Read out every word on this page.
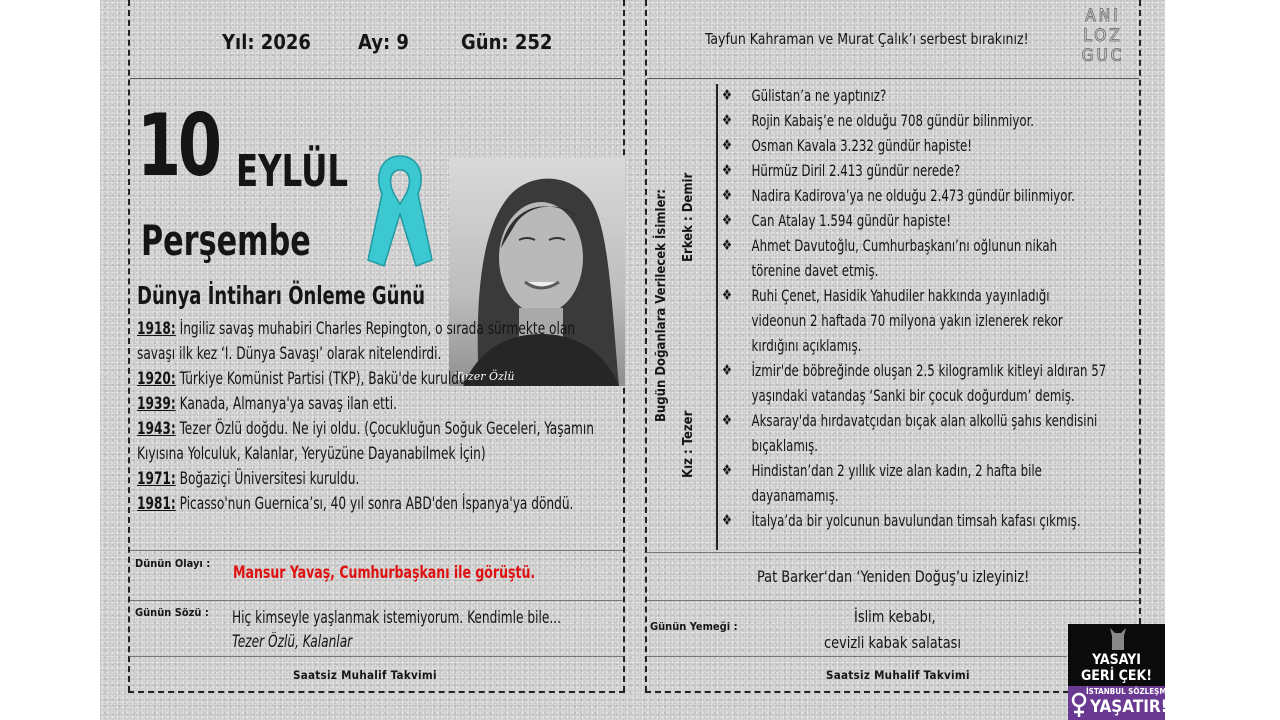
Yıl: 2026 Ay: 9	Gün: 252
10 EYLÜL
Perşembe
Dünya İntiharı Önleme Günü
Tezer Özlü

1918: İngiliz savaş muhabiri Charles Repington, o sırada sürmekte olan savaşı ilk kez ‘I. Dünya Savaşı’ olarak nitelendirdi.

1920: Türkiye Komünist Partisi (TKP), Bakü'de kuruldu.

1939: Kanada, Almanya'ya savaş ilan etti.

1943: Tezer Özlü doğdu. Ne iyi oldu. (Çocukluğun Soğuk Geceleri, Yaşamın Kıyısına Yolculuk, Kalanlar, Yeryüzüne Dayanabilmek İçin)

1971: Boğaziçi Üniversitesi kuruldu.

1981: Picasso'nun Guernica’sı, 40 yıl sonra ABD'den İspanya'ya döndü.

Dünün Olayı : Mansur Yavaş, Cumhurbaşkanı ile görüştü.
Günün Sözü : Hiç kimseyle yaşlanmak istemiyorum. Kendimle bile...
Tezer Özlü, Kalanlar
Saatsiz Muhalif Takvimi
Tayfun Kahraman ve Murat Çalık’ı serbest bırakınız!
ANI
LOZ
GUC
Bugün Doğanlara Verilecek İsimler: Erkek : Demir
Kız : Tezer
❖	Gülistan’a ne yaptınız?
❖	Rojin Kabaiş’e ne olduğu 708 gündür bilinmiyor.
❖	Osman Kavala 3.232 gündür hapiste!
❖	Hürmüz Diril 2.413 gündür nerede?
❖	Nadira Kadirova’ya ne olduğu 2.473 gündür bilinmiyor.
❖	Can Atalay 1.594 gündür hapiste!
❖	Ahmet Davutoğlu, Cumhurbaşkanı’nı oğlunun nikah törenine davet etmiş.
❖	Ruhi Çenet, Hasidik Yahudiler hakkında yayınladığı videonun 2 haftada 70 milyona yakın izlenerek rekor kırdığını açıklamış.
❖	İzmir'de böbreğinde oluşan 2.5 kilogramlık kitleyi aldıran 57 yaşındaki vatandaş ‘Sanki bir çocuk doğurdum’ demiş.
❖	Aksaray'da hırdavatçıdan bıçak alan alkollü şahıs kendisini bıçaklamış.
❖	Hindistan’dan 2 yıllık vize alan kadın, 2 hafta bile dayanamamış.
❖	İtalya’da bir yolcunun bavulundan timsah kafası çıkmış.
Pat Barker‘dan ‘Yeniden Doğuş’u izleyiniz!
Günün Yemeği :
İslim kebabı,
cevizli kabak salatası
Saatsiz Muhalif Takvimi
YASAYI
GERİ ÇEK!
İSTANBUL SÖZLEŞMESİ
YAŞATIR!
